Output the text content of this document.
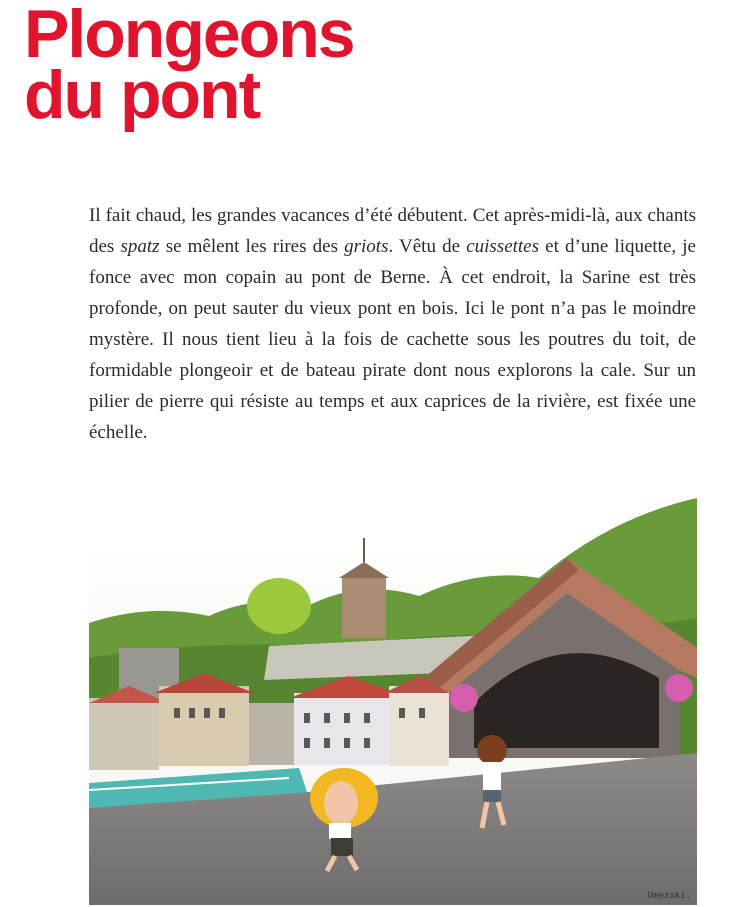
Plongeons
du pont

Il fait chaud, les grandes vacances d’été débutent. Cet après-midi-là, aux chants des spatz se mêlent les rires des griots. Vêtu de cuissettes et d’une liquette, je fonce avec mon copain au pont de Berne. À cet endroit, la Sarine est très profonde, on peut sauter du vieux pont en bois. Ici le pont n’a pas le moindre mystère. Il nous tient lieu à la fois de cachette sous les poutres du toit, de formidable plongeoir et de bateau pirate dont nous explorons la cale. Sur un pilier de pierre qui résiste au temps et aux caprices de la rivière, est fixée une échelle.

Umezaki.
